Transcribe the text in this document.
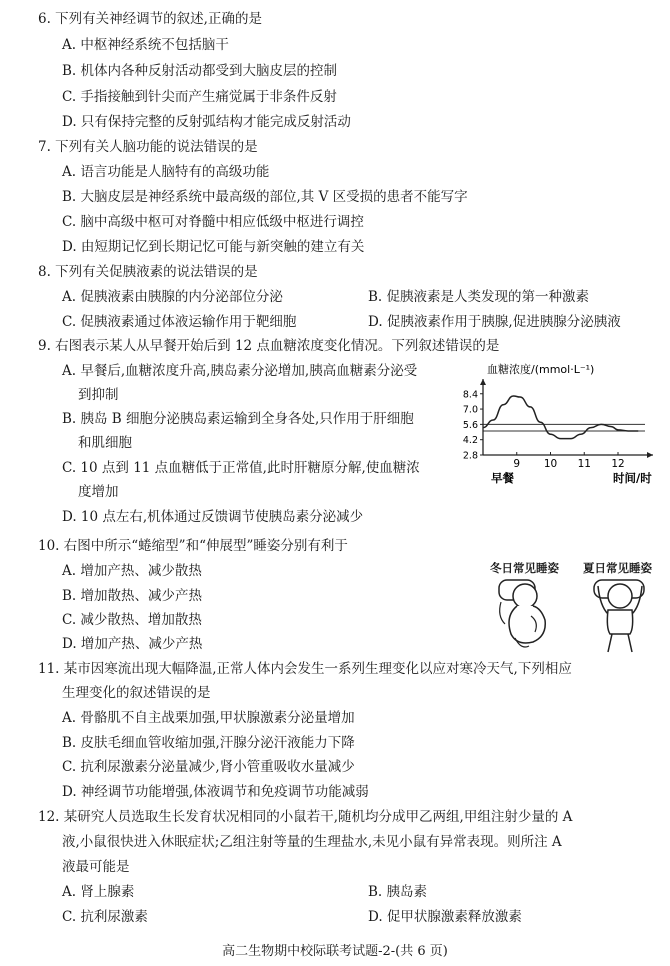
6. 下列有关神经调节的叙述,正确的是
A. 中枢神经系统不包括脑干
B. 机体内各种反射活动都受到大脑皮层的控制
C. 手指接触到针尖而产生痛觉属于非条件反射
D. 只有保持完整的反射弧结构才能完成反射活动
7. 下列有关人脑功能的说法错误的是
A. 语言功能是人脑特有的高级功能
B. 大脑皮层是神经系统中最高级的部位,其 V 区受损的患者不能写字
C. 脑中高级中枢可对脊髓中相应低级中枢进行调控
D. 由短期记忆到长期记忆可能与新突触的建立有关
8. 下列有关促胰液素的说法错误的是
A. 促胰液素由胰腺的内分泌部位分泌	B. 促胰液素是人类发现的第一种激素
C. 促胰液素通过体液运输作用于靶细胞	D. 促胰液素作用于胰腺,促进胰腺分泌胰液
9. 右图表示某人从早餐开始后到 12 点血糖浓度变化情况。下列叙述错误的是
A. 早餐后,血糖浓度升高,胰岛素分泌增加,胰高血糖素分泌受
到抑制
B. 胰岛 B 细胞分泌胰岛素运输到全身各处,只作用于肝细胞
和肌细胞
C. 10 点到 11 点血糖低于正常值,此时肝糖原分解,使血糖浓
度增加
D. 10 点左右,机体通过反馈调节使胰岛素分泌减少
血糖浓度/(mmol·L⁻¹)
早餐	时间/时
2.8
4.2
5.6
7.0
8.4
9 10 11 12
10. 右图中所示“蜷缩型”和“伸展型”睡姿分别有利于
A. 增加产热、减少散热
B. 增加散热、减少产热
C. 减少散热、增加散热
D. 增加产热、减少产热
冬日常见睡姿 夏日常见睡姿
11. 某市因寒流出现大幅降温,正常人体内会发生一系列生理变化以应对寒冷天气,下列相应
生理变化的叙述错误的是
A. 骨骼肌不自主战栗加强,甲状腺激素分泌量增加
B. 皮肤毛细血管收缩加强,汗腺分泌汗液能力下降
C. 抗利尿激素分泌量减少,肾小管重吸收水量减少
D. 神经调节功能增强,体液调节和免疫调节功能减弱
12. 某研究人员选取生长发育状况相同的小鼠若干,随机均分成甲乙两组,甲组注射少量的 A
液,小鼠很快进入休眠症状;乙组注射等量的生理盐水,未见小鼠有异常表现。则所注 A
液最可能是
A. 肾上腺素	B. 胰岛素
C. 抗利尿激素	D. 促甲状腺激素释放激素
高二生物期中校际联考试题-2-(共 6 页)
